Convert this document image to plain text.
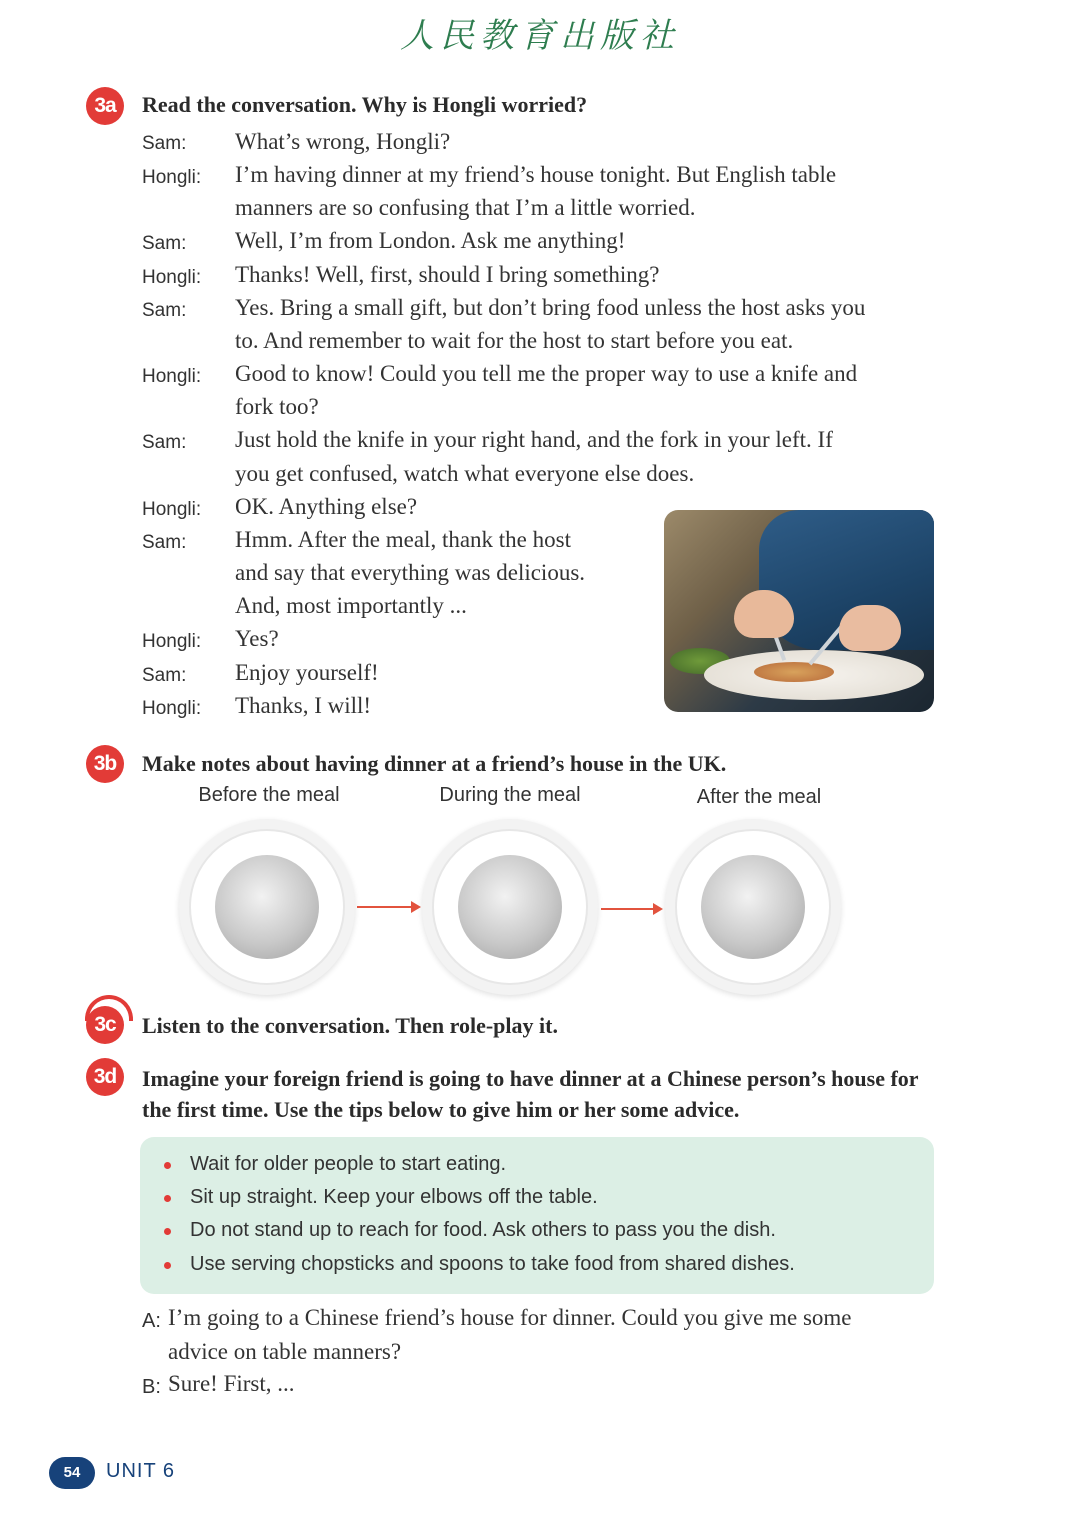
人民教育出版社
3a	Read the conversation. Why is Hongli worried?
Sam: What’s wrong, Hongli?
Hongli: I’m having dinner at my friend’s house tonight. But English table
manners are so confusing that I’m a little worried.
Sam: Well, I’m from London. Ask me anything!
Hongli: Thanks! Well, first, should I bring something?
Sam: Yes. Bring a small gift, but don’t bring food unless the host asks you
to. And remember to wait for the host to start before you eat.
Hongli: Good to know! Could you tell me the proper way to use a knife and
fork too?
Sam: Just hold the knife in your right hand, and the fork in your left. If
you get confused, watch what everyone else does.
Hongli: OK. Anything else?
Sam: Hmm. After the meal, thank the host
and say that everything was delicious.
And, most importantly ...
Hongli: Yes?
Sam: Enjoy yourself!
Hongli: Thanks, I will!
3b	Make notes about having dinner at a friend’s house in the UK.
Before the meal	During the meal	After the meal
3c	Listen to the conversation. Then role-play it.
3d	Imagine your foreign friend is going to have dinner at a Chinese person’s house for
the first time. Use the tips below to give him or her some advice.
Wait for older people to start eating.
Sit up straight. Keep your elbows off the table.
Do not stand up to reach for food. Ask others to pass you the dish.
Use serving chopsticks and spoons to take food from shared dishes.
A: I’m going to a Chinese friend’s house for dinner. Could you give me some
advice on table manners?
B: Sure! First, ...
54	UNIT 6
